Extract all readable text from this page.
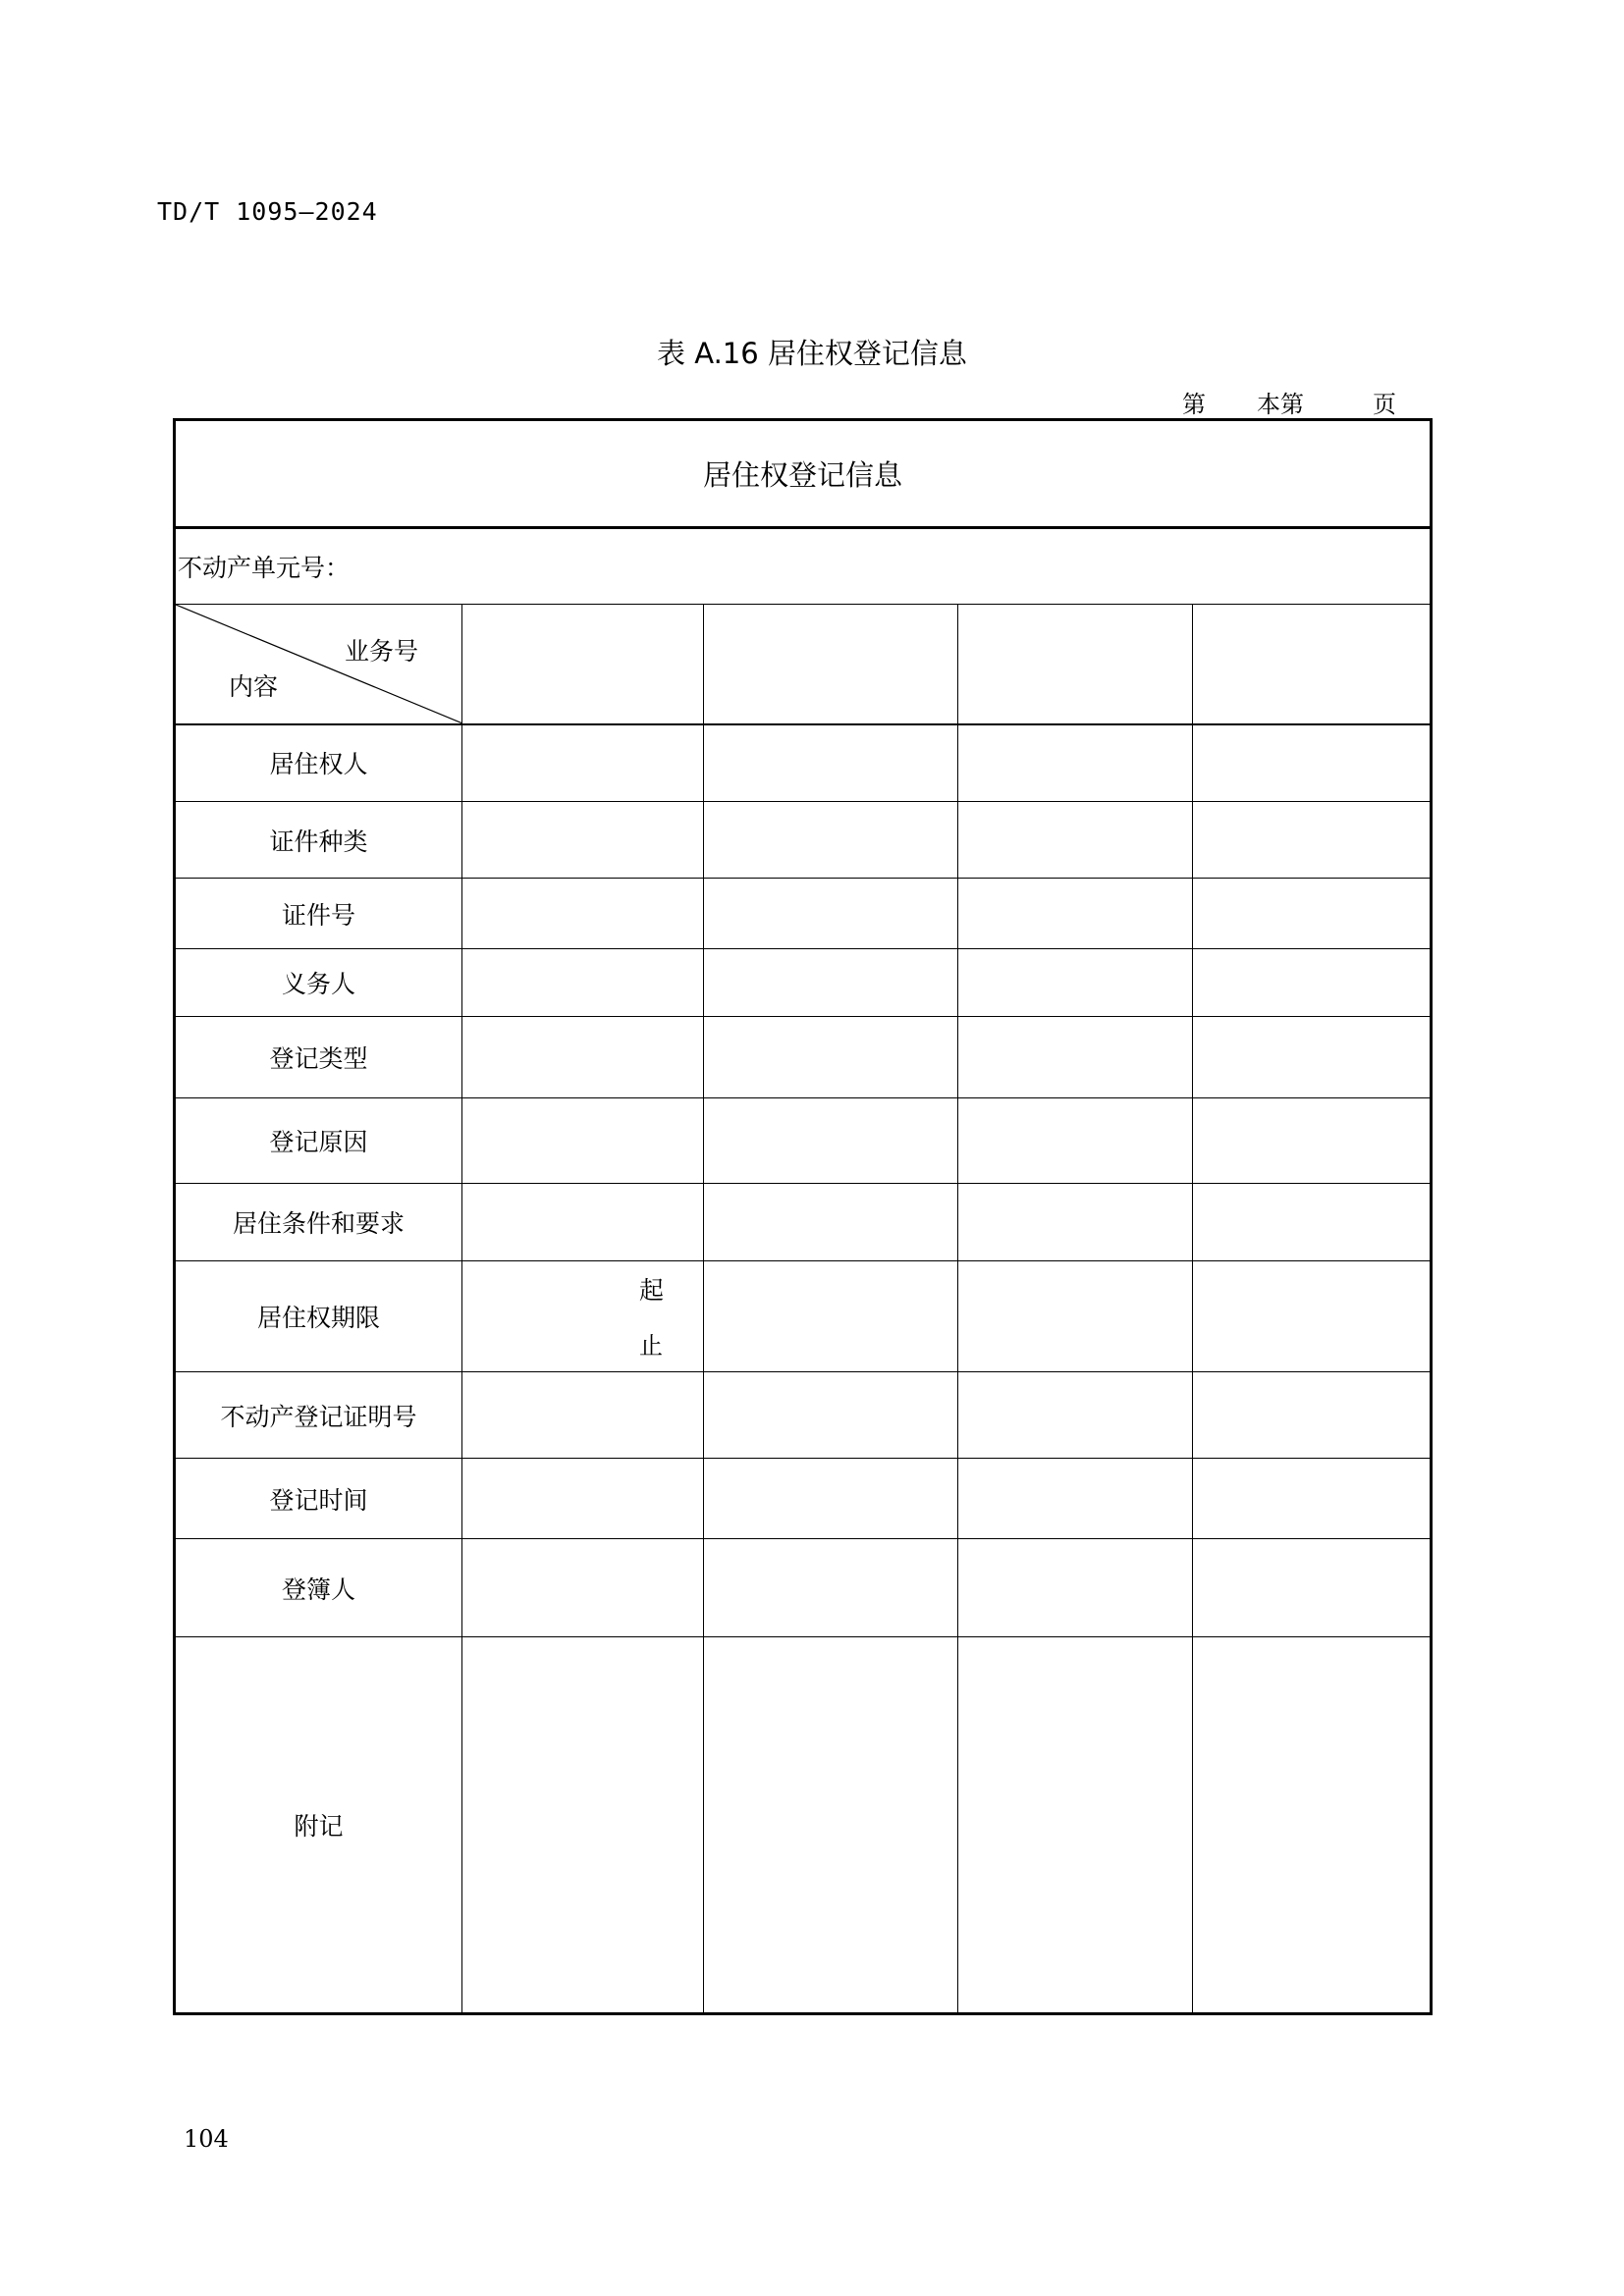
TD/T 1095—2024
表 A.16 居住权登记信息
第 本第	页
居住权登记信息				
不动产单元号：				

业务号
内容				

居住权人				
证件种类				
证件号				
义务人				
登记类型				
登记原因				
居住条件和要求				
居住权期限	起
止			

不动产登记证明号				
登记时间				
登簿人				
附记				
104
